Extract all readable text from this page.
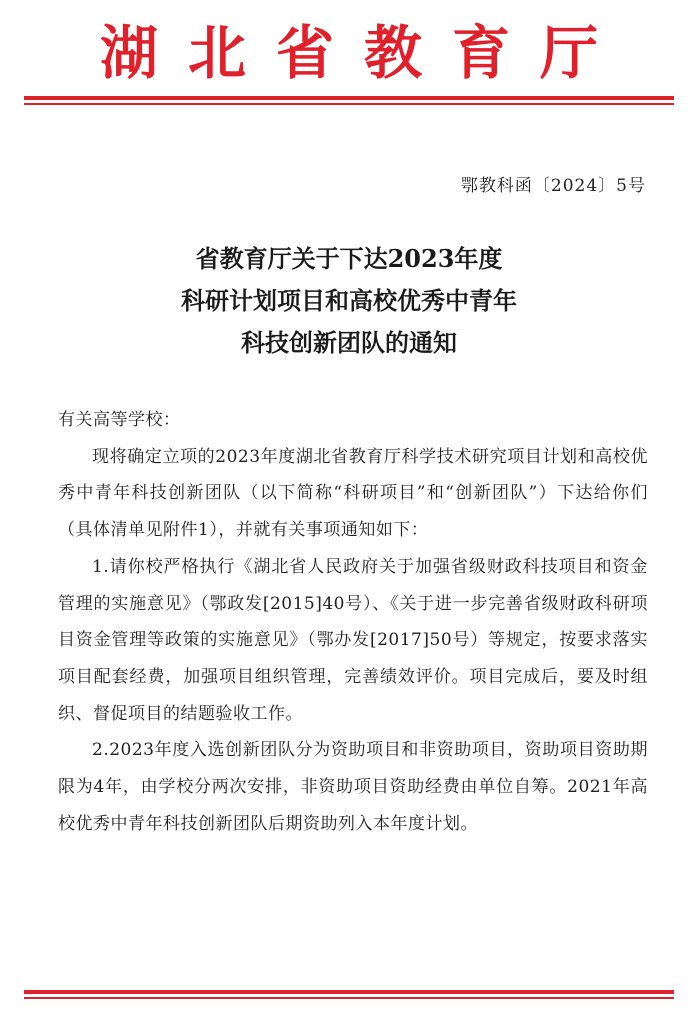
湖北省教育厅
鄂教科函〔2024〕5号
省教育厅关于下达2023年度
科研计划项目和高校优秀中青年
科技创新团队的通知

有关高等学校：

现将确定立项的2023年度湖北省教育厅科学技术研究项目计划和高校优秀中青年科技创新团队（以下简称“科研项目”和“创新团队”）下达给你们（具体清单见附件1），并就有关事项通知如下：

1.请你校严格执行《湖北省人民政府关于加强省级财政科技项目和资金管理的实施意见》（鄂政发[2015]40号）、《关于进一步完善省级财政科研项目资金管理等政策的实施意见》（鄂办发[2017]50号）等规定，按要求落实项目配套经费，加强项目组织管理，完善绩效评价。项目完成后，要及时组织、督促项目的结题验收工作。

2.2023年度入选创新团队分为资助项目和非资助项目，资助项目资助期限为4年，由学校分两次安排，非资助项目资助经费由单位自筹。2021年高校优秀中青年科技创新团队后期资助列入本年度计划。
